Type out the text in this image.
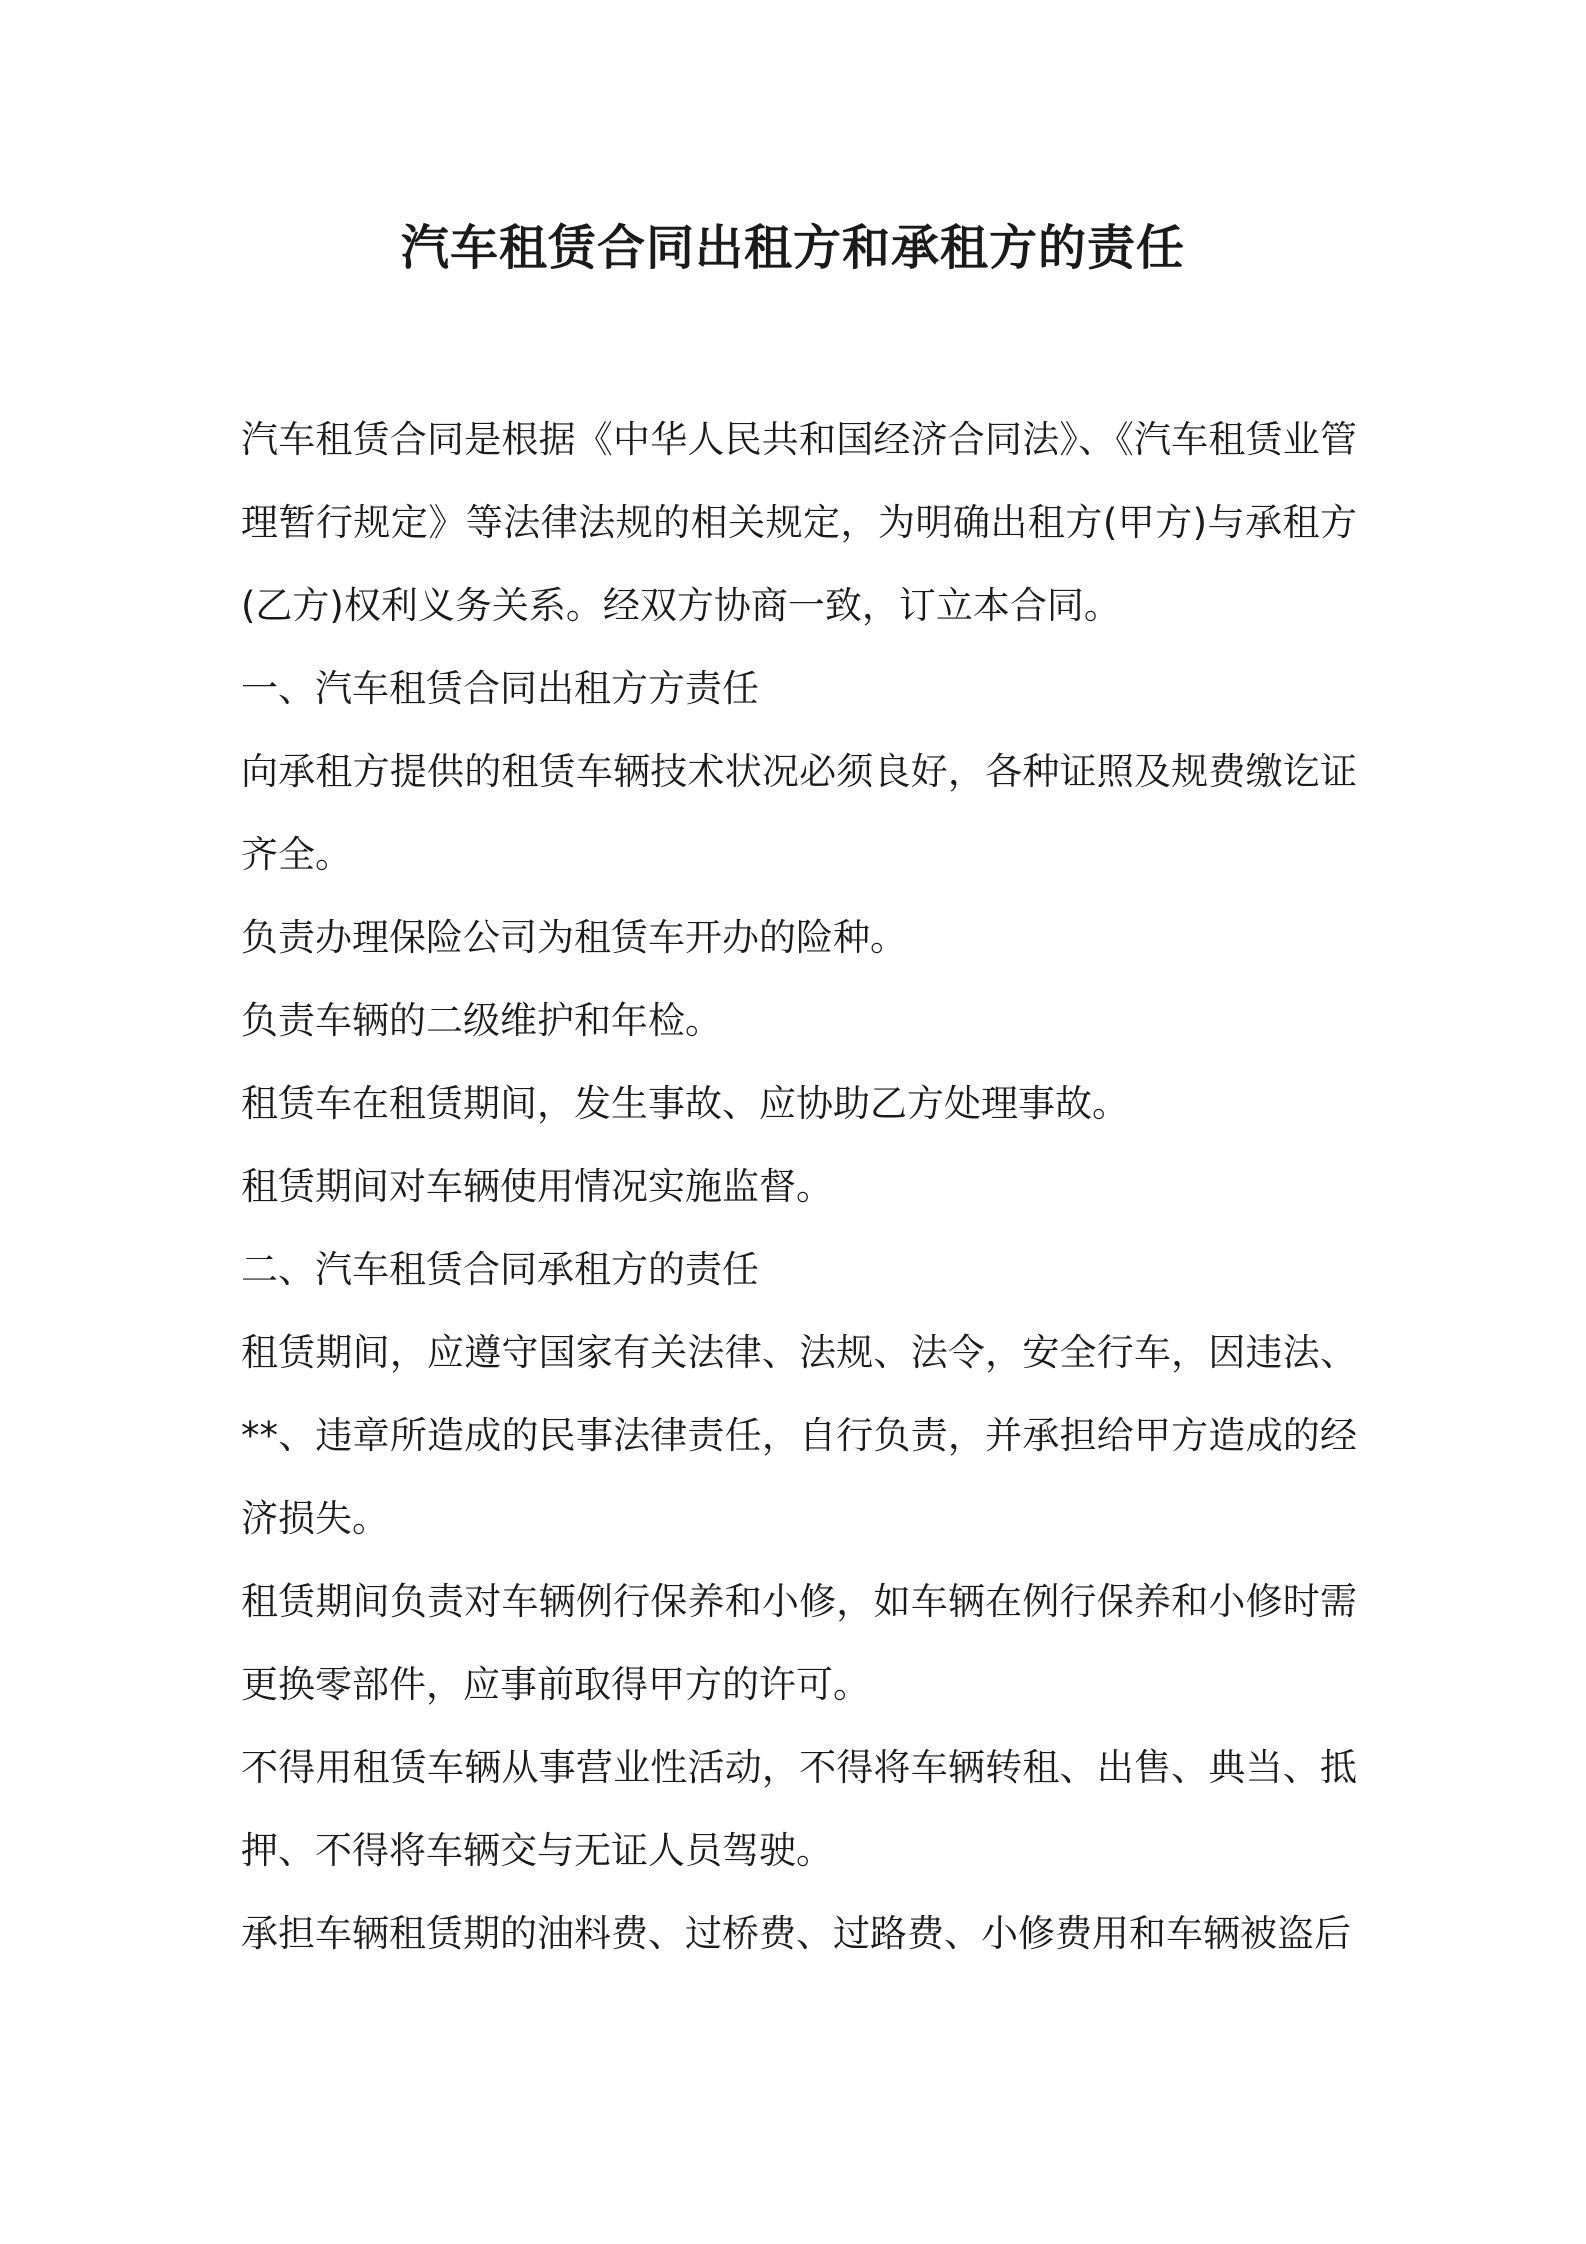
汽车租赁合同出租方和承租方的责任

汽车租赁合同是根据《中华人民共和国经济合同法》、《汽车租赁业管理暂行规定》等法律法规的相关规定，为明确出租方(甲方)与承租方(乙方)权利义务关系。经双方协商一致，订立本合同。

一、汽车租赁合同出租方方责任

向承租方提供的租赁车辆技术状况必须良好，各种证照及规费缴讫证齐全。

负责办理保险公司为租赁车开办的险种。

负责车辆的二级维护和年检。

租赁车在租赁期间，发生事故、应协助乙方处理事故。

租赁期间对车辆使用情况实施监督。

二、汽车租赁合同承租方的责任

租赁期间，应遵守国家有关法律、法规、法令，安全行车，因违法、**、违章所造成的民事法律责任，自行负责，并承担给甲方造成的经济损失。

租赁期间负责对车辆例行保养和小修，如车辆在例行保养和小修时需更换零部件，应事前取得甲方的许可。

不得用租赁车辆从事营业性活动，不得将车辆转租、出售、典当、抵押、不得将车辆交与无证人员驾驶。

承担车辆租赁期的油料费、过桥费、过路费、小修费用和车辆被盗后
